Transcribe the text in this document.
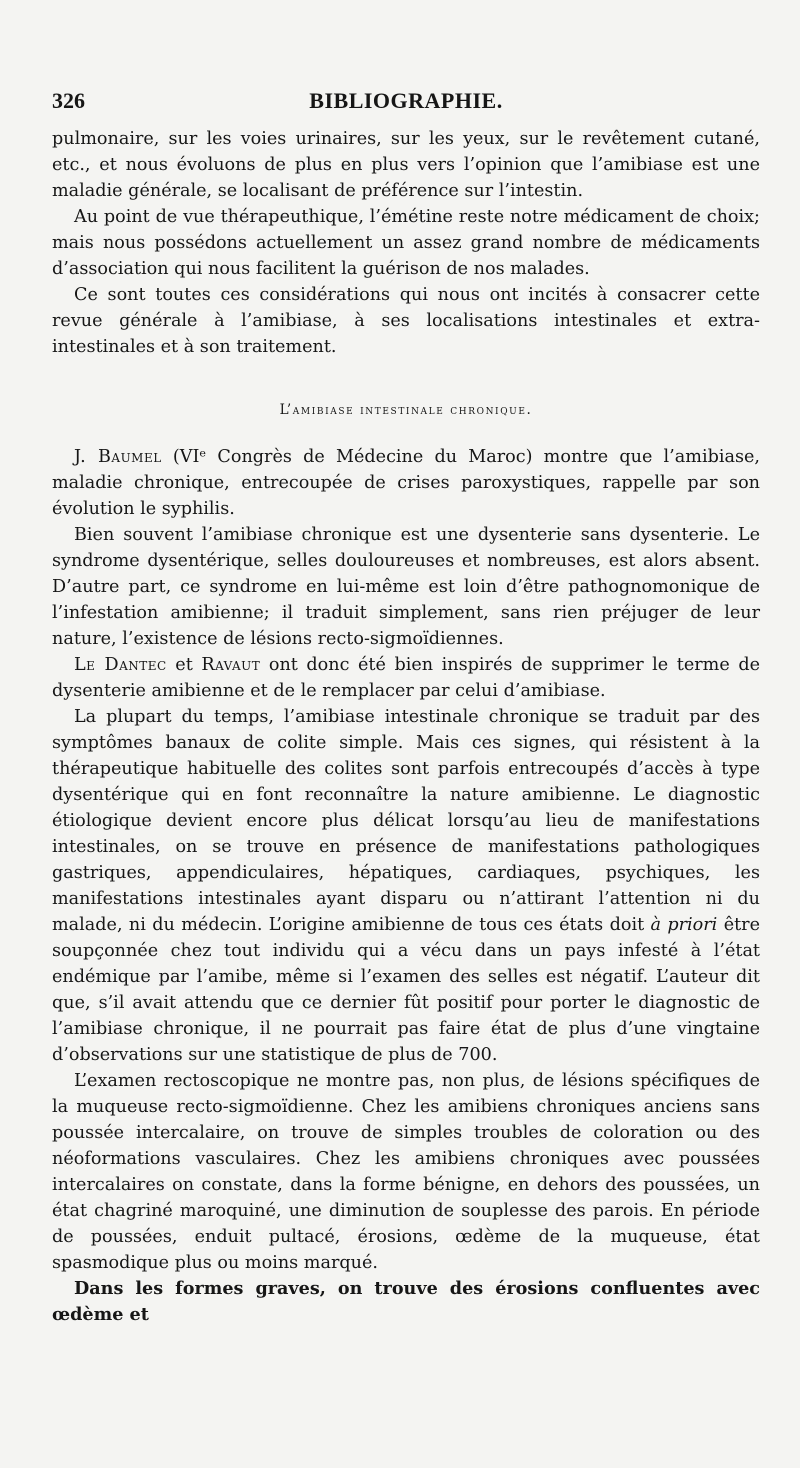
326	BIBLIOGRAPHIE.

pulmonaire, sur les voies urinaires, sur les yeux, sur le revêtement cutané, etc., et nous évoluons de plus en plus vers l’opinion que l’amibiase est une maladie générale, se localisant de préférence sur l’intestin.

Au point de vue thérapeuthique, l’émétine reste notre médicament de choix; mais nous possédons actuellement un assez grand nombre de médicaments d’association qui nous facilitent la guérison de nos malades.

Ce sont toutes ces considérations qui nous ont incités à consacrer cette revue générale à l’amibiase, à ses localisations intestinales et extra-intestinales et à son traitement.

L’amibiase intestinale chronique.

J. Baumel (VIᵉ Congrès de Médecine du Maroc) montre que l’amibiase, maladie chronique, entrecoupée de crises paroxystiques, rappelle par son évolution le syphilis.

Bien souvent l’amibiase chronique est une dysenterie sans dysenterie. Le syndrome dysentérique, selles douloureuses et nombreuses, est alors absent. D’autre part, ce syndrome en lui-même est loin d’être pathognomonique de l’infestation amibienne; il traduit simplement, sans rien préjuger de leur nature, l’existence de lésions recto-sigmoïdiennes.

Le Dantec et Ravaut ont donc été bien inspirés de supprimer le terme de dysenterie amibienne et de le remplacer par celui d’amibiase.

La plupart du temps, l’amibiase intestinale chronique se traduit par des symptômes banaux de colite simple. Mais ces signes, qui résistent à la thérapeutique habituelle des colites sont parfois entrecoupés d’accès à type dysentérique qui en font reconnaître la nature amibienne. Le diagnostic étiologique devient encore plus délicat lorsqu’au lieu de manifestations intestinales, on se trouve en présence de manifestations pathologiques gastriques, appendiculaires, hépatiques, cardiaques, psychiques, les manifestations intestinales ayant disparu ou n’attirant l’attention ni du malade, ni du médecin. L’origine amibienne de tous ces états doit à priori être soupçonnée chez tout individu qui a vécu dans un pays infesté à l’état endémique par l’amibe, même si l’examen des selles est négatif. L’auteur dit que, s’il avait attendu que ce dernier fût positif pour porter le diagnostic de l’amibiase chronique, il ne pourrait pas faire état de plus d’une vingtaine d’observations sur une statistique de plus de 700.

L’examen rectoscopique ne montre pas, non plus, de lésions spécifiques de la muqueuse recto-sigmoïdienne. Chez les amibiens chroniques anciens sans poussée intercalaire, on trouve de simples troubles de coloration ou des néoformations vasculaires. Chez les amibiens chroniques avec poussées intercalaires on constate, dans la forme bénigne, en dehors des poussées, un état chagriné maroquiné, une diminution de souplesse des parois. En période de poussées, enduit pultacé, érosions, œdème de la muqueuse, état spasmodique plus ou moins marqué.

Dans les formes graves, on trouve des érosions confluentes avec œdème et
